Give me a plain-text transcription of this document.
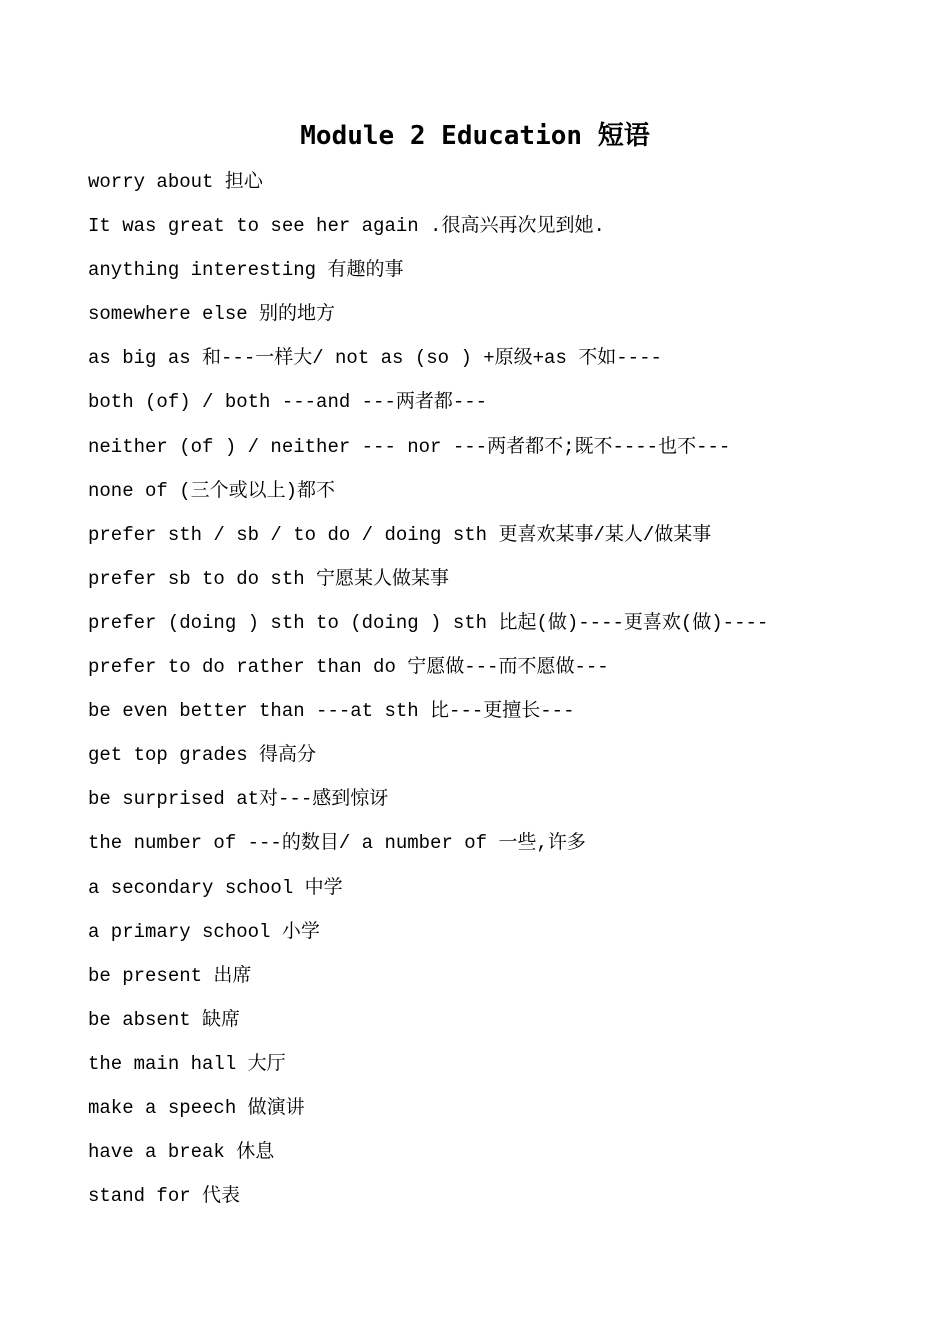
Module 2 Education 短语
worry about 担心
It was great to see her again .很高兴再次见到她.
anything interesting 有趣的事
somewhere else 别的地方
as big as 和---一样大/ not as (so ) +原级+as 不如----
both (of) / both ---and ---两者都---
neither (of ) / neither --- nor ---两者都不;既不----也不---
none of (三个或以上)都不
prefer sth / sb / to do / doing sth 更喜欢某事/某人/做某事
prefer sb to do sth 宁愿某人做某事
prefer (doing ) sth to (doing ) sth 比起(做)----更喜欢(做)----
prefer to do rather than do 宁愿做---而不愿做---
be even better than ---at sth 比---更擅长---
get top grades 得高分
be surprised at对---感到惊讶
the number of ---的数目/ a number of 一些,许多
a secondary school 中学
a primary school 小学
be present 出席
be absent 缺席
the main hall 大厅
make a speech 做演讲
have a break 休息
stand for 代表
